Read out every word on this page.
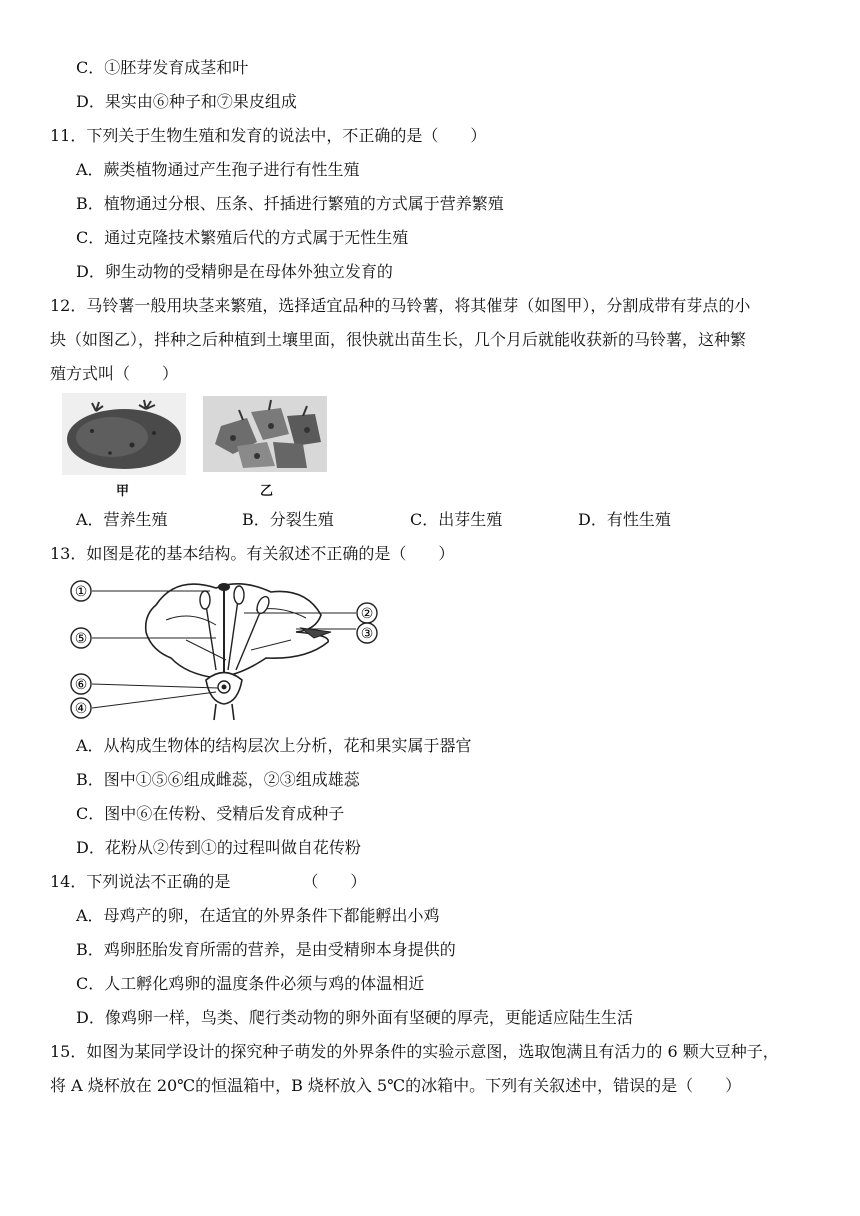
C．①胚芽发育成茎和叶
D．果实由⑥种子和⑦果皮组成
11．下列关于生物生殖和发育的说法中，不正确的是（　　）
A．蕨类植物通过产生孢子进行有性生殖
B．植物通过分根、压条、扦插进行繁殖的方式属于营养繁殖
C．通过克隆技术繁殖后代的方式属于无性生殖
D．卵生动物的受精卵是在母体外独立发育的
12．马铃薯一般用块茎来繁殖，选择适宜品种的马铃薯，将其催芽（如图甲），分割成带有芽点的小
块（如图乙），拌种之后种植到土壤里面，很快就出苗生长，几个月后就能收获新的马铃薯，这种繁
殖方式叫（　　）
甲	乙
A．营养生殖	B．分裂生殖	C．出芽生殖	D．有性生殖
13．如图是花的基本结构。有关叙述不正确的是（　　）
①
⑤
⑥
④
②
③
A．从构成生物体的结构层次上分析，花和果实属于器官
B．图中①⑤⑥组成雌蕊，②③组成雄蕊
C．图中⑥在传粉、受精后发育成种子
D．花粉从②传到①的过程叫做自花传粉
14．下列说法不正确的是　　　　　（　　）
A．母鸡产的卵，在适宜的外界条件下都能孵出小鸡
B．鸡卵胚胎发育所需的营养，是由受精卵本身提供的
C．人工孵化鸡卵的温度条件必须与鸡的体温相近
D．像鸡卵一样，鸟类、爬行类动物的卵外面有坚硬的厚壳，更能适应陆生生活
15．如图为某同学设计的探究种子萌发的外界条件的实验示意图，选取饱满且有活力的 6 颗大豆种子，
将 A 烧杯放在 20℃的恒温箱中，B 烧杯放入 5℃的冰箱中。下列有关叙述中，错误的是（　　）
